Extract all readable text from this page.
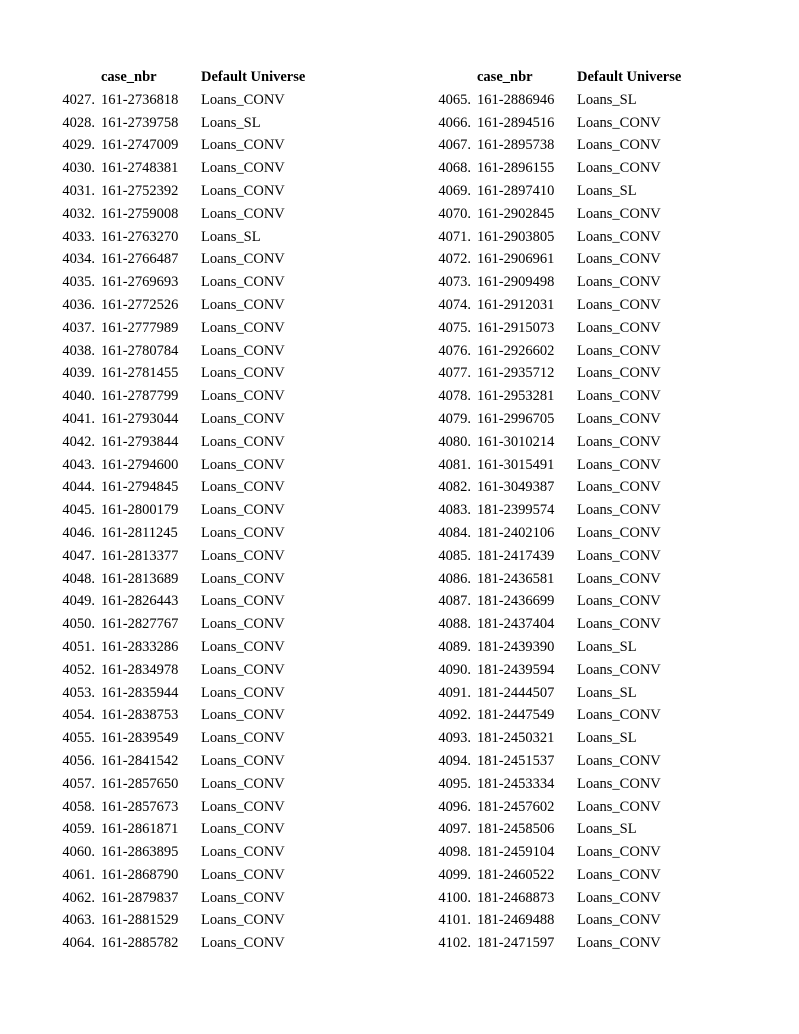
case_nbr	Default Universe
4027. 161-2736818 Loans_CONV
4028. 161-2739758 Loans_SL
4029. 161-2747009 Loans_CONV
4030. 161-2748381 Loans_CONV
4031. 161-2752392 Loans_CONV
4032. 161-2759008 Loans_CONV
4033. 161-2763270 Loans_SL
4034. 161-2766487 Loans_CONV
4035. 161-2769693 Loans_CONV
4036. 161-2772526 Loans_CONV
4037. 161-2777989 Loans_CONV
4038. 161-2780784 Loans_CONV
4039. 161-2781455 Loans_CONV
4040. 161-2787799 Loans_CONV
4041. 161-2793044 Loans_CONV
4042. 161-2793844 Loans_CONV
4043. 161-2794600 Loans_CONV
4044. 161-2794845 Loans_CONV
4045. 161-2800179 Loans_CONV
4046. 161-2811245 Loans_CONV
4047. 161-2813377 Loans_CONV
4048. 161-2813689 Loans_CONV
4049. 161-2826443 Loans_CONV
4050. 161-2827767 Loans_CONV
4051. 161-2833286 Loans_CONV
4052. 161-2834978 Loans_CONV
4053. 161-2835944 Loans_CONV
4054. 161-2838753 Loans_CONV
4055. 161-2839549 Loans_CONV
4056. 161-2841542 Loans_CONV
4057. 161-2857650 Loans_CONV
4058. 161-2857673 Loans_CONV
4059. 161-2861871 Loans_CONV
4060. 161-2863895 Loans_CONV
4061. 161-2868790 Loans_CONV
4062. 161-2879837 Loans_CONV
4063. 161-2881529 Loans_CONV
4064. 161-2885782 Loans_CONV
case_nbr	Default Universe
4065. 161-2886946 Loans_SL
4066. 161-2894516 Loans_CONV
4067. 161-2895738 Loans_CONV
4068. 161-2896155 Loans_CONV
4069. 161-2897410 Loans_SL
4070. 161-2902845 Loans_CONV
4071. 161-2903805 Loans_CONV
4072. 161-2906961 Loans_CONV
4073. 161-2909498 Loans_CONV
4074. 161-2912031 Loans_CONV
4075. 161-2915073 Loans_CONV
4076. 161-2926602 Loans_CONV
4077. 161-2935712 Loans_CONV
4078. 161-2953281 Loans_CONV
4079. 161-2996705 Loans_CONV
4080. 161-3010214 Loans_CONV
4081. 161-3015491 Loans_CONV
4082. 161-3049387 Loans_CONV
4083. 181-2399574 Loans_CONV
4084. 181-2402106 Loans_CONV
4085. 181-2417439 Loans_CONV
4086. 181-2436581 Loans_CONV
4087. 181-2436699 Loans_CONV
4088. 181-2437404 Loans_CONV
4089. 181-2439390 Loans_SL
4090. 181-2439594 Loans_CONV
4091. 181-2444507 Loans_SL
4092. 181-2447549 Loans_CONV
4093. 181-2450321 Loans_SL
4094. 181-2451537 Loans_CONV
4095. 181-2453334 Loans_CONV
4096. 181-2457602 Loans_CONV
4097. 181-2458506 Loans_SL
4098. 181-2459104 Loans_CONV
4099. 181-2460522 Loans_CONV
4100. 181-2468873 Loans_CONV
4101. 181-2469488 Loans_CONV
4102. 181-2471597 Loans_CONV
